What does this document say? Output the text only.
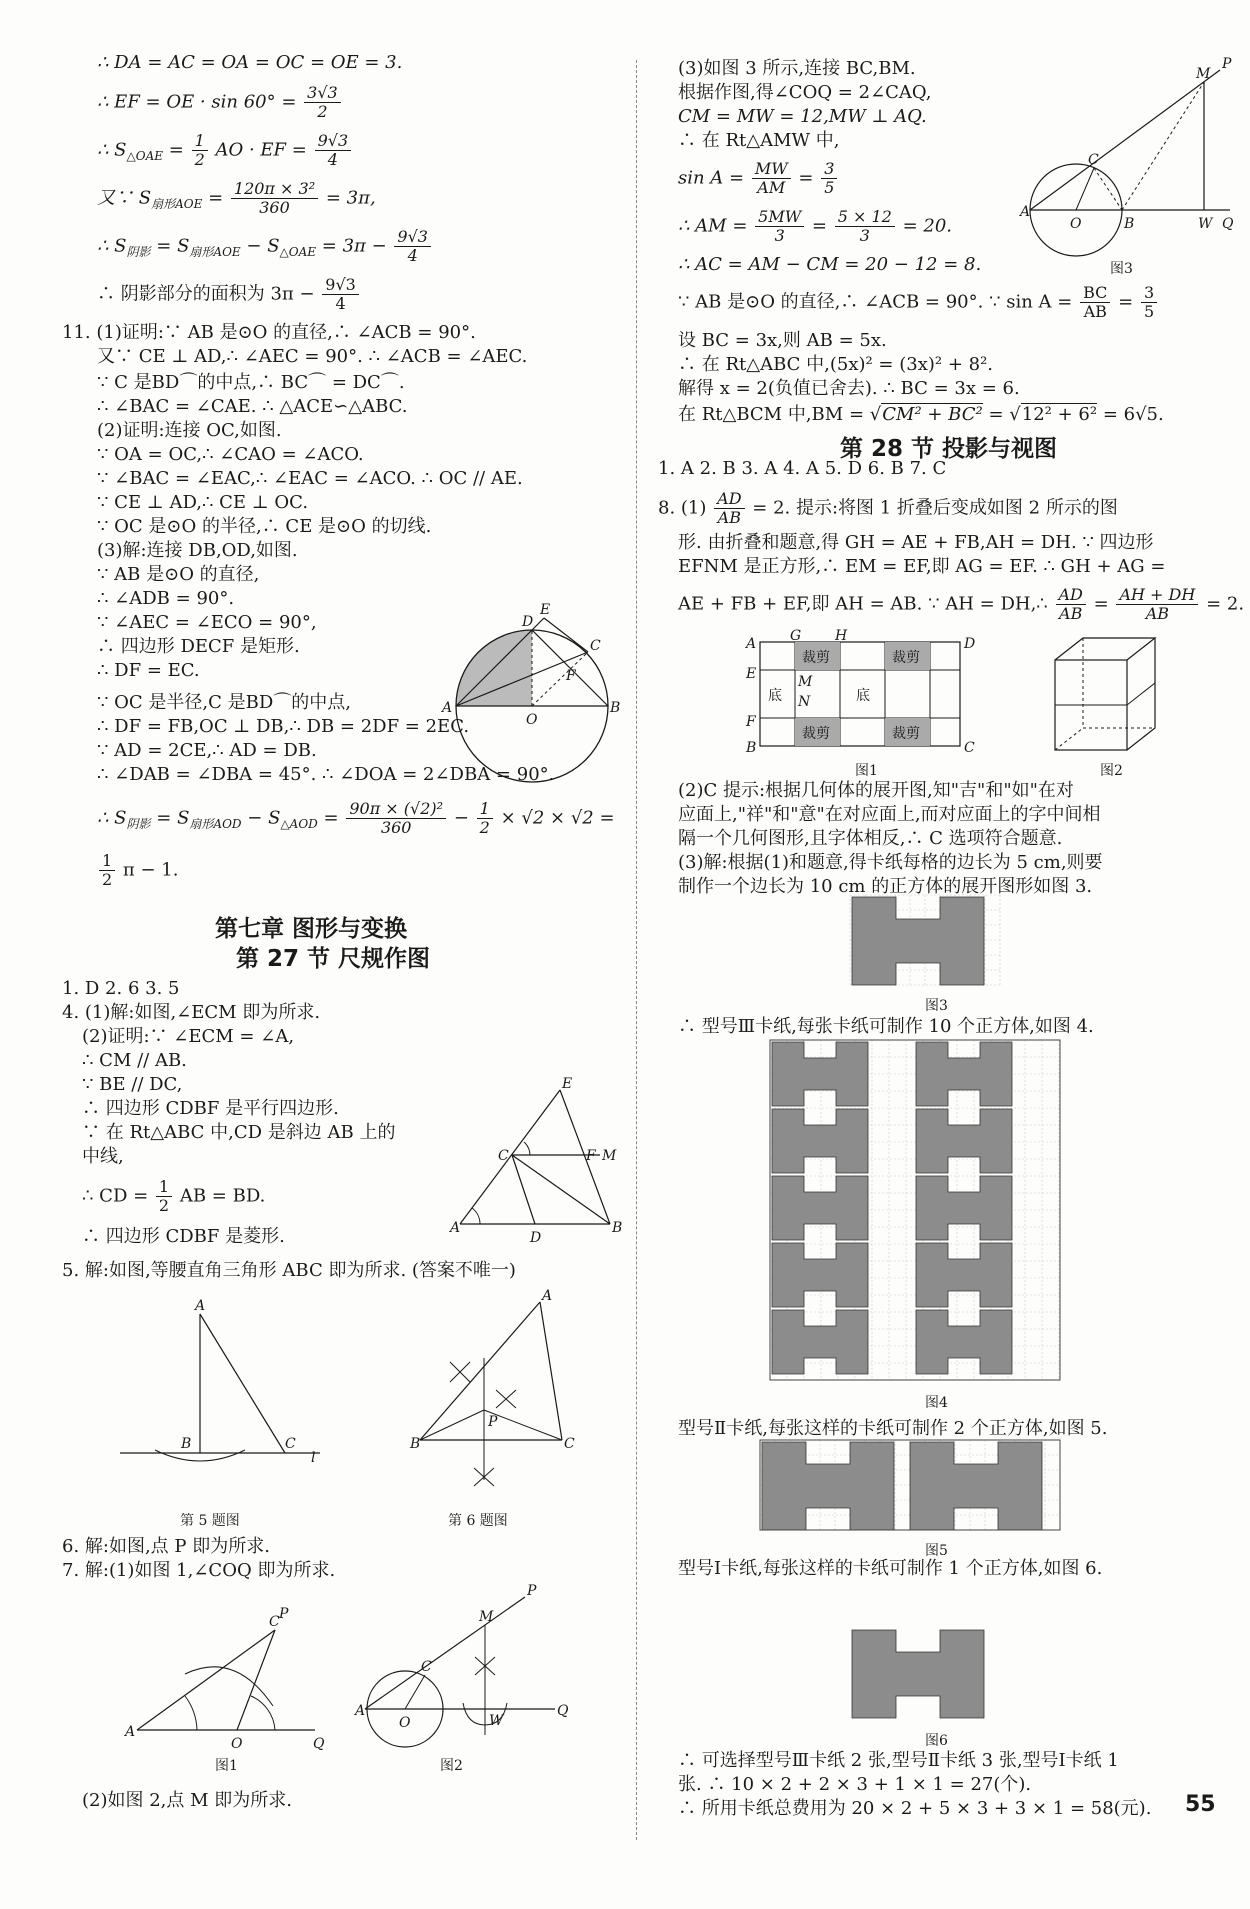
∴ DA = AC = OA = OC = OE = 3.
∴ EF = OE · $\sin 60^\circ = \frac{3√3}{2}$
∴ $S_{\triangle OAE} = \frac{1}{2}$ AO · EF = $\frac{9√3}{4}$
又∵ $S_{扇形AOE} = \frac{\text{120π × 3²}}{360} = 3\pi$,
∴ $S_{阴影} = S_{扇形AOE} - S_{\triangle OAE} = 3\pi - \frac{9√3}{4}$
∴ 阴影部分的面积为 $3\pi - \frac{9√3}{4}$
11. (1)证明:∵ AB 是⊙O 的直径,∴ ∠ACB = 90°.
又∵ CE ⊥ AD,∴ ∠AEC = 90°. ∴ ∠ACB = ∠AEC.
∵ C 是BD⌒的中点,∴ BC⌒ = DC⌒.
∴ ∠BAC = ∠CAE. ∴ △ACE∽△ABC.
(2)证明:连接 OC,如图.
∵ OA = OC,∴ ∠CAO = ∠ACO.
∵ ∠BAC = ∠EAC,∴ ∠EAC = ∠ACO. ∴ OC // AE.
∵ CE ⊥ AD,∴ CE ⊥ OC.
∵ OC 是⊙O 的半径,∴ CE 是⊙O 的切线.
(3)解:连接 DB,OD,如图.
∵ AB 是⊙O 的直径,
∴ ∠ADB = 90°.
∵ ∠AEC = ∠ECO = 90°,
∴ 四边形 DECF 是矩形.
∴ DF = EC.
A	B
C
D
E
F
O
∵ OC 是半径,C 是BD⌒的中点,
∴ DF = FB,OC ⊥ DB,∴ DB = 2DF = 2EC.
∵ AD = 2CE,∴ AD = DB.
∴ ∠DAB = ∠DBA = 45°. ∴ ∠DOA = 2∠DBA = 90°.
∴ $S_{阴影} = S_{扇形AOD} - S_{\triangle AOD} = \frac{\text{90π × (√2)²}}{360} - \frac{1}{2} \times √2 \times √2$ =
$\frac{1}{2}$ π − 1.
第七章 图形与变换
第 27 节 尺规作图
1. D 2. 6 3. 5
4. (1)解:如图,∠ECM 即为所求.
(2)证明:∵ ∠ECM = ∠A,
∴ CM // AB.
∵ BE // DC,
∴ 四边形 CDBF 是平行四边形.
∵ 在 Rt△ABC 中,CD 是斜边 AB 上的
中线,
∴ CD = $\frac{1}{2}$ AB = BD.
∴ 四边形 CDBF 是菱形.	A	B
C
D
E
F M
5. 解:如图,等腰直角三角形 ABC 即为所求. (答案不唯一)
A
B	C
l
第 5 题图
A
B	C
P
第 6 题图
6. 解:如图,点 P 即为所求.
7. 解:(1)如图 1,∠COQ 即为所求.
A
O	Q
C P
图1
A
O
C
M
P
Q
W
图2
(2)如图 2,点 M 即为所求.
(3)如图 3 所示,连接 BC,BM.
根据作图,得∠COQ = 2∠CAQ,
CM = MW = 12,MW ⊥ AQ.
∴ 在 Rt△AMW 中,
$\sin A = \frac{MW}{AM} = \frac{3}{5}$
∴ AM = $\frac{5MW}{3} = \frac{5 \times 12}{3} = 20$.
∴ AC = AM − CM = 20 − 12 = 8.
∵ AB 是⊙O 的直径,∴ ∠ACB = 90°. ∵ $\sin A = \frac{BC}{AB} = \frac{3}{5}$
A
O	B
C
M
P
W Q
图3
设 BC = 3x,则 AB = 5x.
∴ 在 Rt△ABC 中,(5x)² = (3x)² + 8².
解得 x = 2(负值已舍去). ∴ BC = 3x = 6.
在 Rt△BCM 中,BM = √CM² + BC² = √12² + 6² = 6√5.
第 28 节 投影与视图
1. A 2. B 3. A 4. A 5. D 6. B 7. C
8. $(1) \frac{AD}{AB} = 2$. 提示:将图 1 折叠后变成如图 2 所示的图
形. 由折叠和题意,得 GH = AE + FB,AH = DH. ∵ 四边形
EFNM 是正方形,∴ EM = EF,即 AG = EF. ∴ GH + AG =
AE + FB + EF,即 AH = AB. ∵ AH = DH,∴ $\frac{AD}{AB} = \frac{AH + DH}{AB} = 2$.
裁剪	裁剪
裁剪	裁剪
底	底
A
E
F
B
G H	D
C
M
N
图1	图2
(2)C 提示:根据几何体的展开图,知"吉"和"如"在对
应面上,"祥"和"意"在对应面上,而对应面上的字中间相
隔一个几何图形,且字体相反,∴ C 选项符合题意.
(3)解:根据(1)和题意,得卡纸每格的边长为 5 cm,则要
制作一个边长为 10 cm 的正方体的展开图形如图 3.
图3
∴ 型号Ⅲ卡纸,每张卡纸可制作 10 个正方体,如图 4.
图4
型号Ⅱ卡纸,每张这样的卡纸可制作 2 个正方体,如图 5.
图5
型号Ⅰ卡纸,每张这样的卡纸可制作 1 个正方体,如图 6.
图6
∴ 可选择型号Ⅲ卡纸 2 张,型号Ⅱ卡纸 3 张,型号Ⅰ卡纸 1
张. ∴ 10 × 2 + 2 × 3 + 1 × 1 = 27(个).
∴ 所用卡纸总费用为 20 × 2 + 5 × 3 + 3 × 1 = 58(元). 55
